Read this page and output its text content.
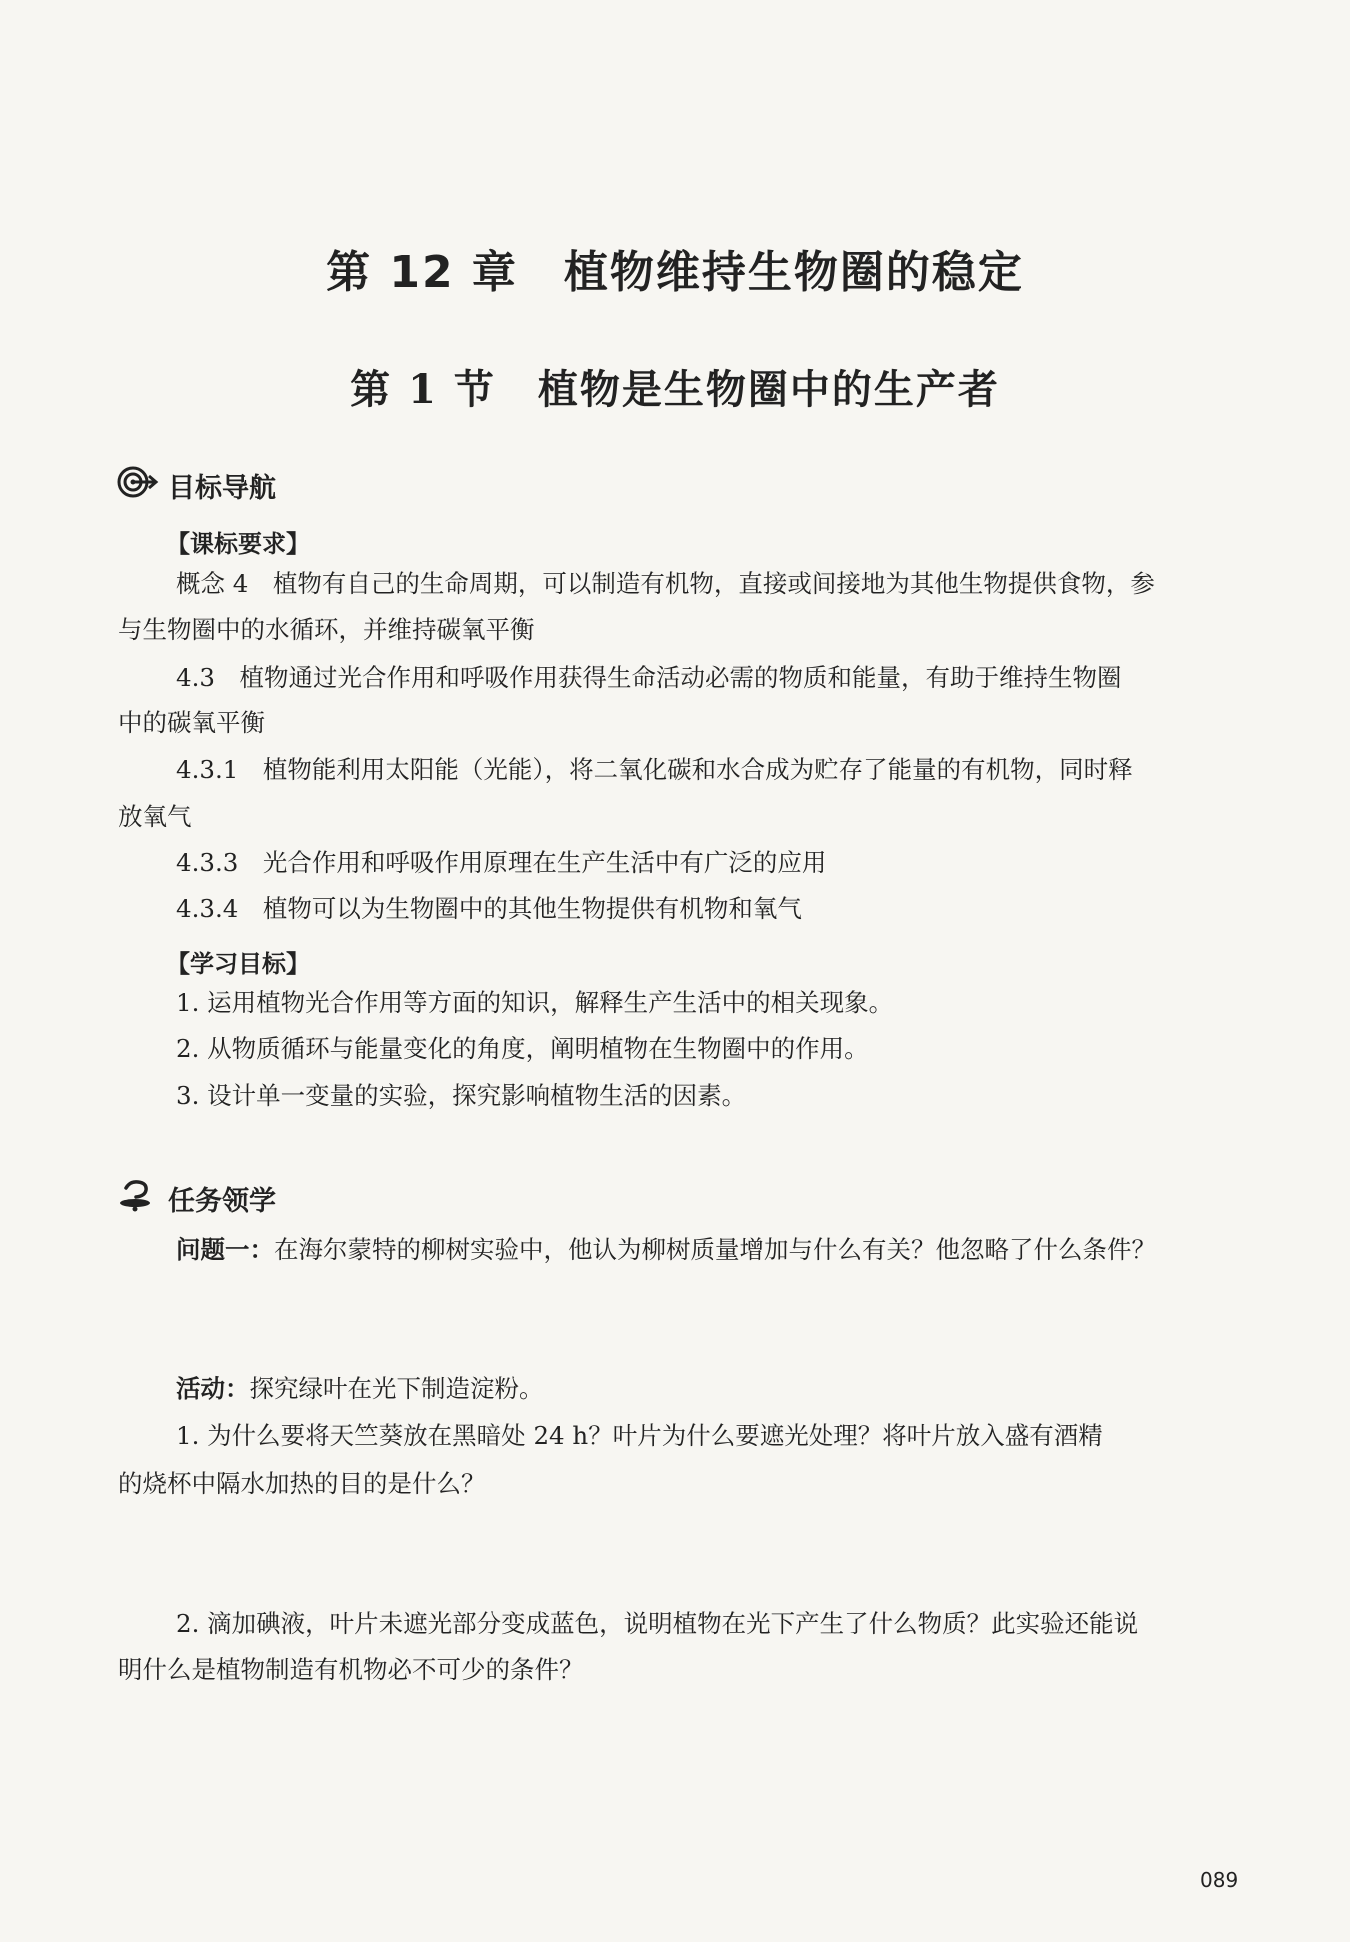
第 12 章　植物维持生物圈的稳定
第 1 节　植物是生物圈中的生产者
目标导航
【课标要求】
概念 4　植物有自己的生命周期，可以制造有机物，直接或间接地为其他生物提供食物，参
与生物圈中的水循环，并维持碳氧平衡
4.3　植物通过光合作用和呼吸作用获得生命活动必需的物质和能量，有助于维持生物圈
中的碳氧平衡
4.3.1　植物能利用太阳能（光能），将二氧化碳和水合成为贮存了能量的有机物，同时释
放氧气
4.3.3　光合作用和呼吸作用原理在生产生活中有广泛的应用
4.3.4　植物可以为生物圈中的其他生物提供有机物和氧气
【学习目标】
1. 运用植物光合作用等方面的知识，解释生产生活中的相关现象。
2. 从物质循环与能量变化的角度，阐明植物在生物圈中的作用。
3. 设计单一变量的实验，探究影响植物生活的因素。
任务领学
问题一：在海尔蒙特的柳树实验中，他认为柳树质量增加与什么有关？他忽略了什么条件？
活动：探究绿叶在光下制造淀粉。
1. 为什么要将天竺葵放在黑暗处 24 h？叶片为什么要遮光处理？将叶片放入盛有酒精
的烧杯中隔水加热的目的是什么？
2. 滴加碘液，叶片未遮光部分变成蓝色，说明植物在光下产生了什么物质？此实验还能说
明什么是植物制造有机物必不可少的条件？
089
